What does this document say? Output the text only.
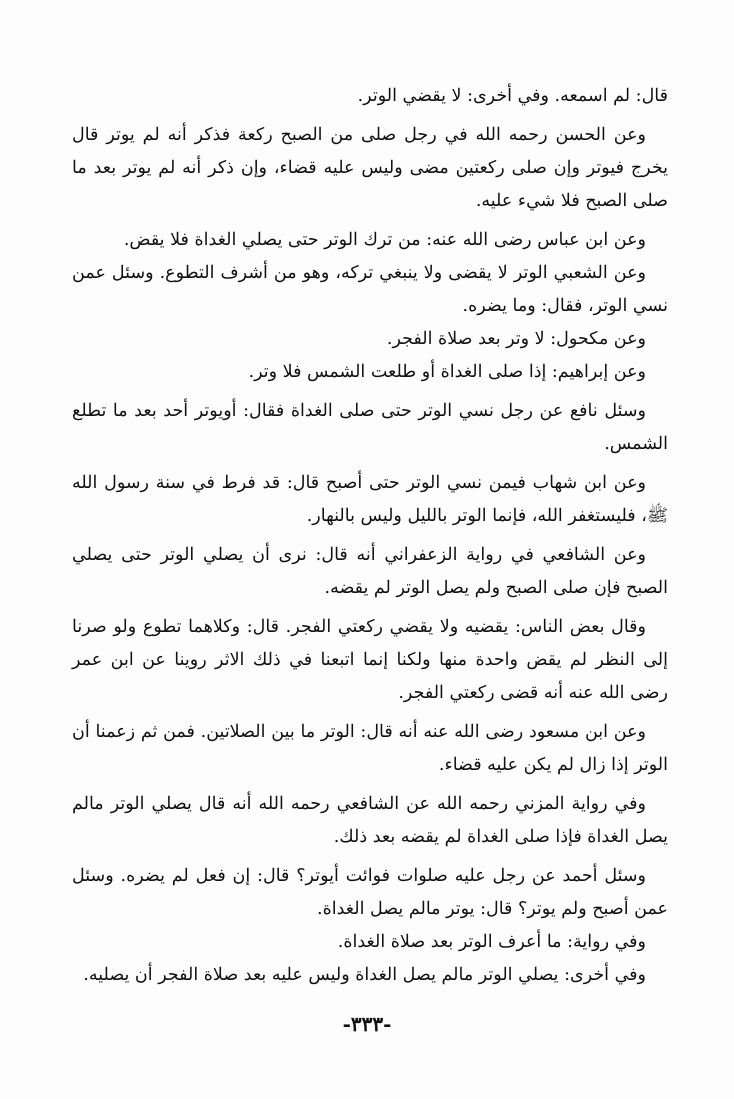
قال: لم اسمعه. وفي أخرى: لا يقضي الوتر.

وعن الحسن رحمه الله في رجل صلى من الصبح ركعة فذكر أنه لم يوتر قال يخرج فيوتر وإن صلى ركعتين مضى وليس عليه قضاء، وإن ذكر أنه لم يوتر بعد ما صلى الصبح فلا شيء عليه.

وعن ابن عباس رضى الله عنه: من ترك الوتر حتى يصلي الغداة فلا يقض.

وعن الشعبي الوتر لا يقضى ولا ينبغي تركه، وهو من أشرف التطوع. وسئل عمن نسي الوتر، فقال: وما يضره.

وعن مكحول: لا وتر بعد صلاة الفجر.

وعن إبراهيم: إذا صلى الغداة أو طلعت الشمس فلا وتر.

وسئل نافع عن رجل نسي الوتر حتى صلى الغداة فقال: أويوتر أحد بعد ما تطلع الشمس.

وعن ابن شهاب فيمن نسي الوتر حتى أصبح قال: قد فرط في سنة رسول الله ﷺ، فليستغفر الله، فإنما الوتر بالليل وليس بالنهار.

وعن الشافعي في رواية الزعفراني أنه قال: نرى أن يصلي الوتر حتى يصلي الصبح فإن صلى الصبح ولم يصل الوتر لم يقضه.

وقال بعض الناس: يقضيه ولا يقضي ركعتي الفجر. قال: وكلاهما تطوع ولو صرنا إلى النظر لم يقض واحدة منها ولكنا إنما اتبعنا في ذلك الاثر روينا عن ابن عمر رضى الله عنه أنه قضى ركعتي الفجر.

وعن ابن مسعود رضى الله عنه أنه قال: الوتر ما بين الصلاتين. فمن ثم زعمنا أن الوتر إذا زال لم يكن عليه قضاء.

وفي رواية المزني رحمه الله عن الشافعي رحمه الله أنه قال يصلي الوتر مالم يصل الغداة فإذا صلى الغداة لم يقضه بعد ذلك.

وسئل أحمد عن رجل عليه صلوات فوائت أيوتر؟ قال: إن فعل لم يضره. وسئل عمن أصبح ولم يوتر؟ قال: يوتر مالم يصل الغداة.

وفي رواية: ما أعرف الوتر بعد صلاة الغداة.

وفي أخرى: يصلي الوتر مالم يصل الغداة وليس عليه بعد صلاة الفجر أن يصليه.

-٣٣٣-
